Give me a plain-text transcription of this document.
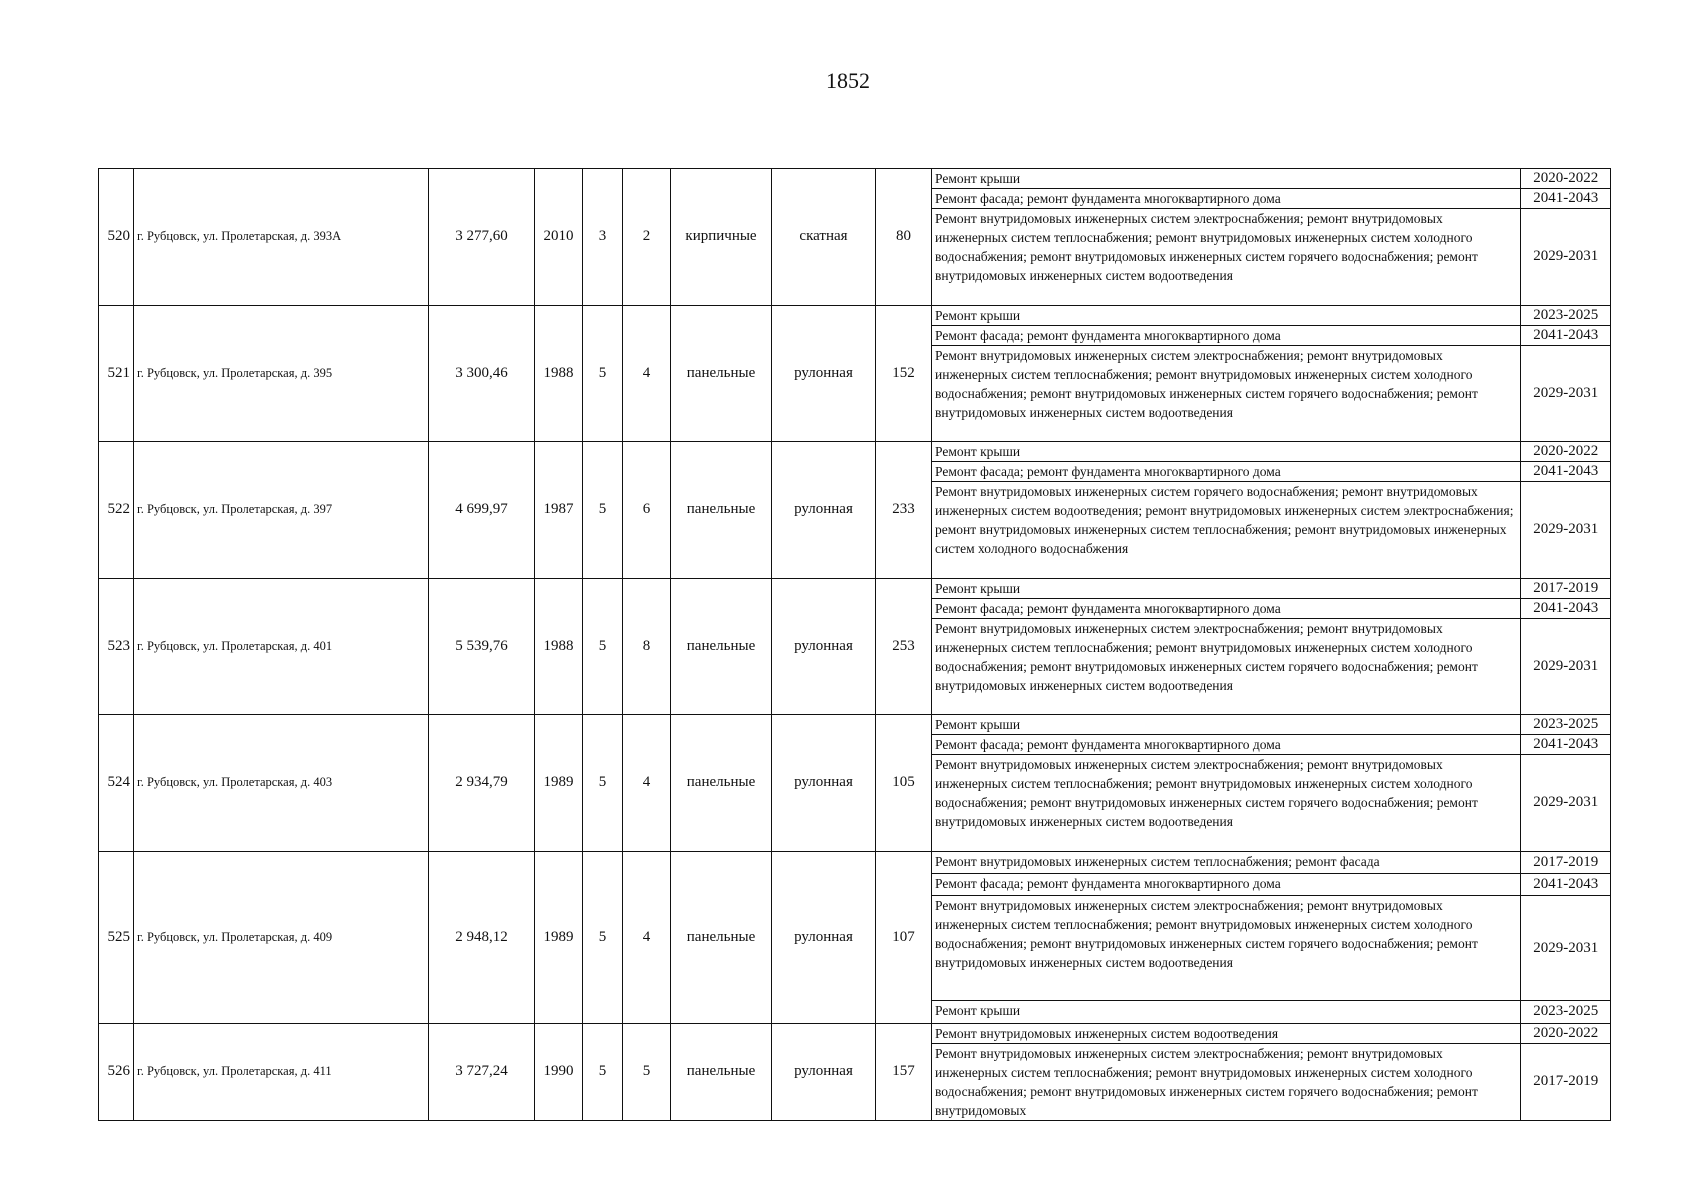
1852
520	г. Рубцовск, ул. Пролетарская, д. 393А	3 277,60	2010	3	2	кирпичные	скатная	80	
Ремонт крыши	2020-2022
Ремонт фасада; ремонт фундамента многоквартирного дома	2041-2043
Ремонт внутридомовых инженерных систем электроснабжения; ремонт внутридомовых инженерных систем теплоснабжения; ремонт внутридомовых инженерных систем холодного водоснабжения; ремонт внутридомовых инженерных систем горячего водоснабжения; ремонт внутридомовых инженерных систем водоотведения	2029-2031

521	г. Рубцовск, ул. Пролетарская, д. 395	3 300,46	1988	5	4	панельные	рулонная	152	
Ремонт крыши	2023-2025
Ремонт фасада; ремонт фундамента многоквартирного дома	2041-2043
Ремонт внутридомовых инженерных систем электроснабжения; ремонт внутридомовых инженерных систем теплоснабжения; ремонт внутридомовых инженерных систем холодного водоснабжения; ремонт внутридомовых инженерных систем горячего водоснабжения; ремонт внутридомовых инженерных систем водоотведения	2029-2031

522	г. Рубцовск, ул. Пролетарская, д. 397	4 699,97	1987	5	6	панельные	рулонная	233	
Ремонт крыши	2020-2022
Ремонт фасада; ремонт фундамента многоквартирного дома	2041-2043
Ремонт внутридомовых инженерных систем горячего водоснабжения; ремонт внутридомовых инженерных систем водоотведения; ремонт внутридомовых инженерных систем электроснабжения; ремонт внутридомовых инженерных систем теплоснабжения; ремонт внутридомовых инженерных систем холодного водоснабжения	2029-2031

523	г. Рубцовск, ул. Пролетарская, д. 401	5 539,76	1988	5	8	панельные	рулонная	253	
Ремонт крыши	2017-2019
Ремонт фасада; ремонт фундамента многоквартирного дома	2041-2043
Ремонт внутридомовых инженерных систем электроснабжения; ремонт внутридомовых инженерных систем теплоснабжения; ремонт внутридомовых инженерных систем холодного водоснабжения; ремонт внутридомовых инженерных систем горячего водоснабжения; ремонт внутридомовых инженерных систем водоотведения	2029-2031

524	г. Рубцовск, ул. Пролетарская, д. 403	2 934,79	1989	5	4	панельные	рулонная	105	
Ремонт крыши	2023-2025
Ремонт фасада; ремонт фундамента многоквартирного дома	2041-2043
Ремонт внутридомовых инженерных систем электроснабжения; ремонт внутридомовых инженерных систем теплоснабжения; ремонт внутридомовых инженерных систем холодного водоснабжения; ремонт внутридомовых инженерных систем горячего водоснабжения; ремонт внутридомовых инженерных систем водоотведения	2029-2031

525	г. Рубцовск, ул. Пролетарская, д. 409	2 948,12	1989	5	4	панельные	рулонная	107	
Ремонт внутридомовых инженерных систем теплоснабжения; ремонт фасада	2017-2019
Ремонт фасада; ремонт фундамента многоквартирного дома	2041-2043
Ремонт внутридомовых инженерных систем электроснабжения; ремонт внутридомовых инженерных систем теплоснабжения; ремонт внутридомовых инженерных систем холодного водоснабжения; ремонт внутридомовых инженерных систем горячего водоснабжения; ремонт внутридомовых инженерных систем водоотведения	2029-2031
Ремонт крыши	2023-2025

526	г. Рубцовск, ул. Пролетарская, д. 411	3 727,24	1990	5	5	панельные	рулонная	157	
Ремонт внутридомовых инженерных систем водоотведения	2020-2022
Ремонт внутридомовых инженерных систем электроснабжения; ремонт внутридомовых инженерных систем теплоснабжения; ремонт внутридомовых инженерных систем холодного водоснабжения; ремонт внутридомовых инженерных систем горячего водоснабжения; ремонт внутридомовых	2017-2019
